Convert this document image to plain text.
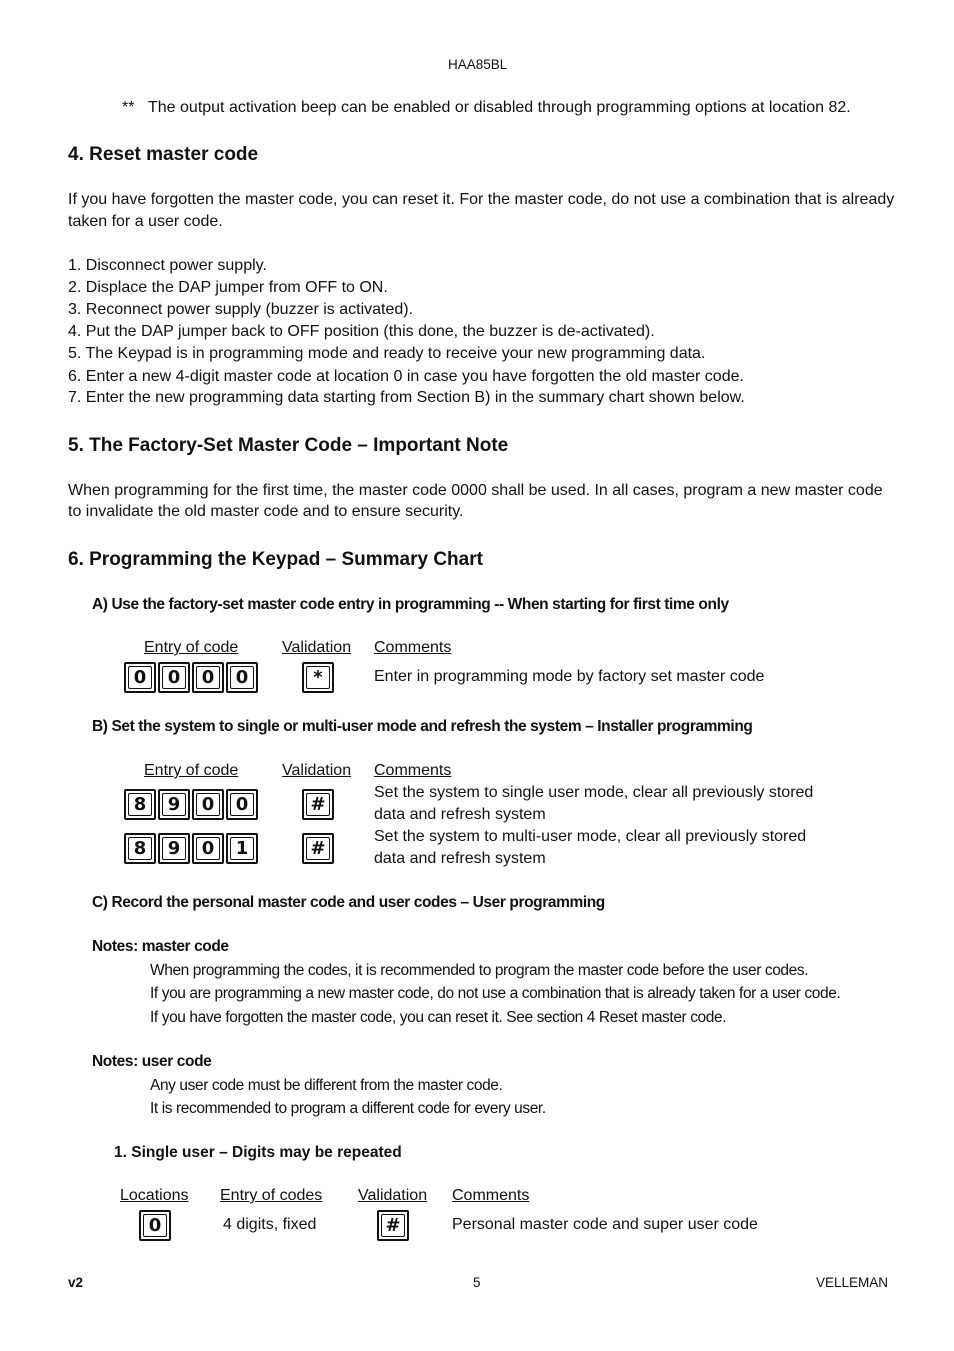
HAA85BL
** The output activation beep can be enabled or disabled through programming options at location 82.
4. Reset master code
If you have forgotten the master code, you can reset it. For the master code, do not use a combination that is already
taken for a user code.
1. Disconnect power supply.
2. Displace the DAP jumper from OFF to ON.
3. Reconnect power supply (buzzer is activated).
4. Put the DAP jumper back to OFF position (this done, the buzzer is de-activated).
5. The Keypad is in programming mode and ready to receive your new programming data.
6. Enter a new 4-digit master code at location 0 in case you have forgotten the old master code.
7. Enter the new programming data starting from Section B) in the summary chart shown below.
5. The Factory-Set Master Code – Important Note
When programming for the first time, the master code 0000 shall be used. In all cases, program a new master code
to invalidate the old master code and to ensure security.
6. Programming the Keypad – Summary Chart
A) Use the factory-set master code entry in programming -- When starting for first time only
Entry of code	Validation Comments
0	0	0	0	*	Enter in programming mode by factory set master code
B) Set the system to single or multi-user mode and refresh the system – Installer programming
Entry of code	Validation Comments
8	9	0	0	#
Set the system to single user mode, clear all previously stored
data and refresh system
8	9	0	1	#
Set the system to multi-user mode, clear all previously stored
data and refresh system
C) Record the personal master code and user codes – User programming
Notes: master code
When programming the codes, it is recommended to program the master code before the user codes.
If you are programming a new master code, do not use a combination that is already taken for a user code.
If you have forgotten the master code, you can reset it. See section 4 Reset master code.
Notes: user code
Any user code must be different from the master code.
It is recommended to program a different code for every user.
1. Single user – Digits may be repeated
Locations Entry of codes Validation Comments
0	4 digits, fixed	#	Personal master code and super user code
v2	5	VELLEMAN
